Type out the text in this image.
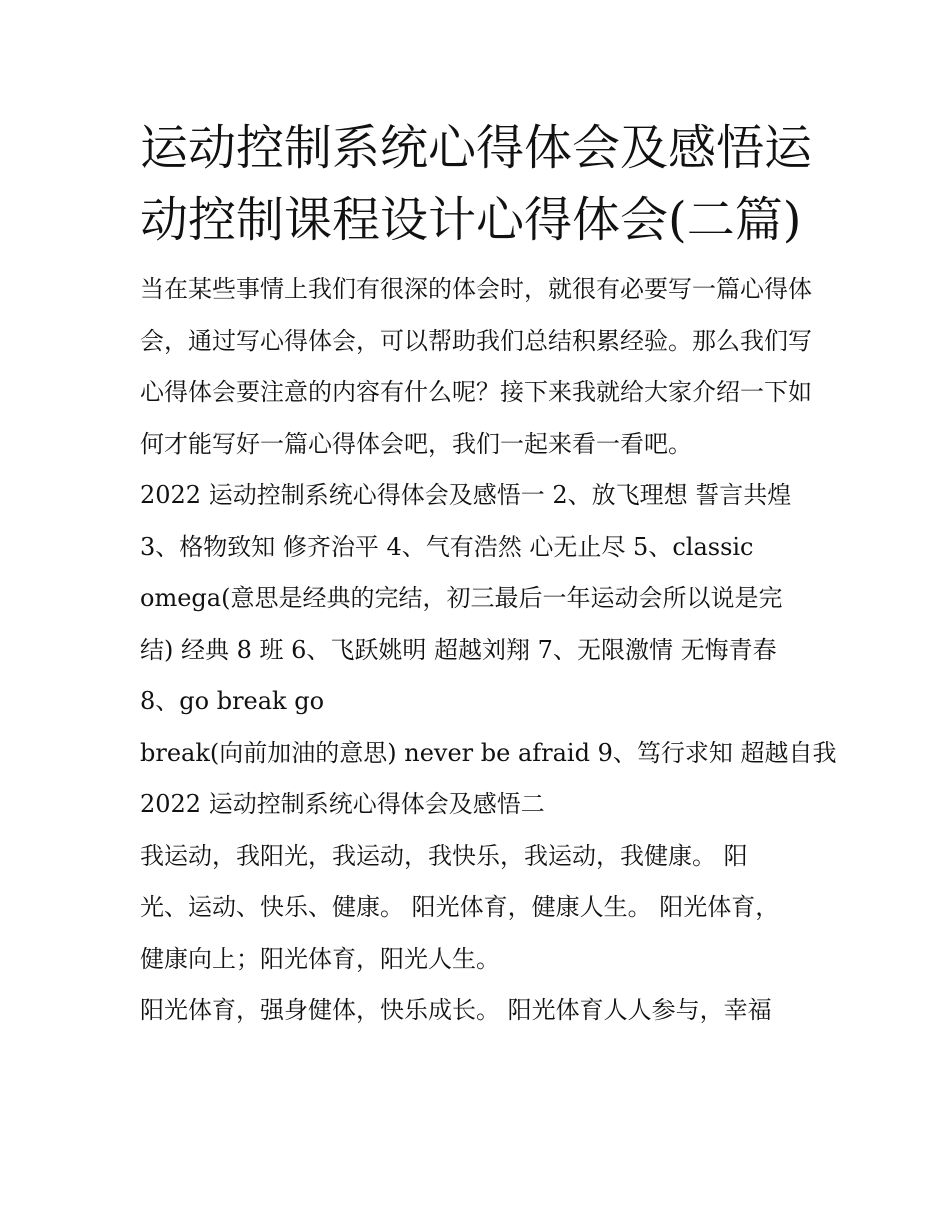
运动控制系统心得体会及感悟运动控制课程设计心得体会(二篇)

当在某些事情上我们有很深的体会时，就很有必要写一篇心得体会，通过写心得体会，可以帮助我们总结积累经验。那么我们写心得体会要注意的内容有什么呢？接下来我就给大家介绍一下如何才能写好一篇心得体会吧，我们一起来看一看吧。

2022 运动控制系统心得体会及感悟一 2、放飞理想 誓言共煌

3、格物致知 修齐治平 4、气有浩然 心无止尽 5、classic

omega(意思是经典的完结，初三最后一年运动会所以说是完

结) 经典 8 班 6、飞跃姚明 超越刘翔 7、无限激情 无悔青春

8、go break go

break(向前加油的意思) never be afraid 9、笃行求知 超越自我

2022 运动控制系统心得体会及感悟二

我运动，我阳光，我运动，我快乐，我运动，我健康。 阳

光、运动、快乐、健康。 阳光体育，健康人生。 阳光体育，

健康向上；阳光体育，阳光人生。

阳光体育，强身健体，快乐成长。 阳光体育人人参与，幸福
